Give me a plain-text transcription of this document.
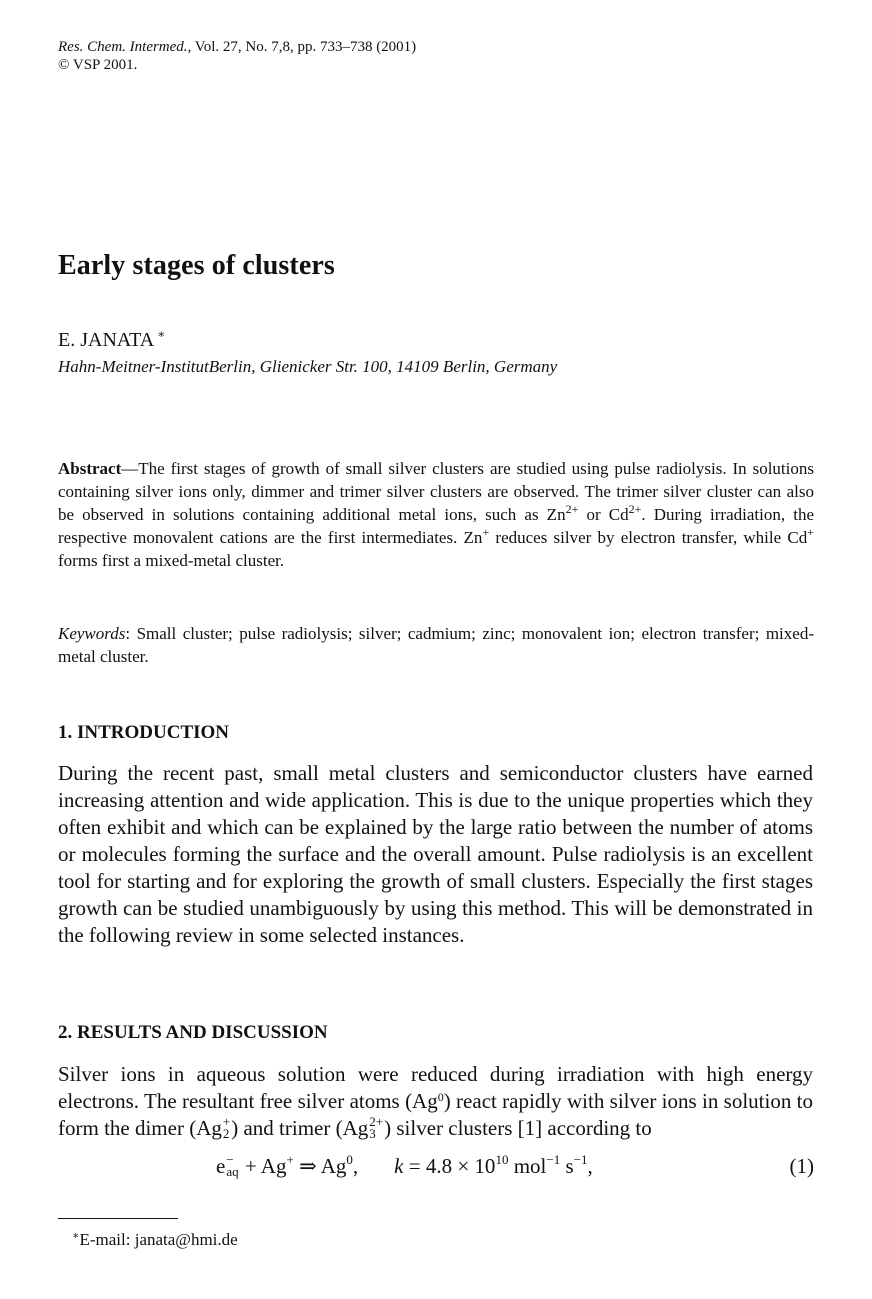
Res. Chem. Intermed., Vol. 27, No. 7,8, pp. 733–738 (2001)
© VSP 2001.
Early stages of clusters
E. JANATA ∗
Hahn-Meitner-InstitutBerlin, Glienicker Str. 100, 14109 Berlin, Germany
Abstract—The first stages of growth of small silver clusters are studied using pulse radiolysis. In solutions containing silver ions only, dimmer and trimer silver clusters are observed. The trimer silver cluster can also be observed in solutions containing additional metal ions, such as $Zn^{2+}$ or $Cd^{2+}$. During irradiation, the respective monovalent cations are the first intermediates. Zn+ reduces silver by electron transfer, while Cd+ forms first a mixed-metal cluster.
Keywords: Small cluster; pulse radiolysis; silver; cadmium; zinc; monovalent ion; electron transfer; mixed-metal cluster.
1. INTRODUCTION
During the recent past, small metal clusters and semiconductor clusters have earned increasing attention and wide application. This is due to the unique properties which they often exhibit and which can be explained by the large ratio between the number of atoms or molecules forming the surface and the overall amount. Pulse radiolysis is an excellent tool for starting and for exploring the growth of small clusters. Especially the first stages growth can be studied unambiguously by using this method. This will be demonstrated in the following review in some selected instances.
2. RESULTS AND DISCUSSION
Silver ions in aqueous solution were reduced during irradiation with high energy electrons. The resultant free silver atoms (Ag$^0$) react rapidly with silver ions in solution to form the dimer (Ag +
2 ) and trimer (Ag 2+
3 ) silver clusters [1] according to
e −
aq + Ag+ ⇒ Ag$^0$, $k = 4.8 \times 10^{10}$ mol$^{-1}$ $s^{-1}$,	(1)
∗E-mail: janata@hmi.de
